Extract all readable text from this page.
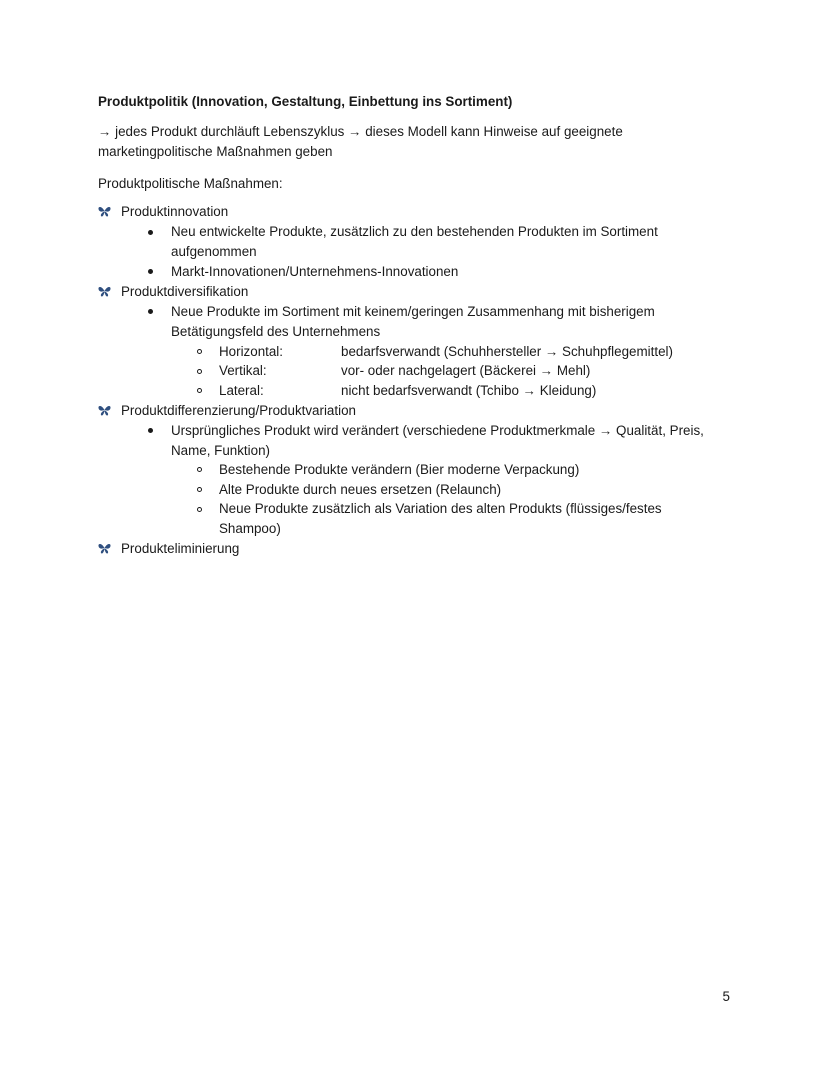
Produktpolitik (Innovation, Gestaltung, Einbettung ins Sortiment)
→ jedes Produkt durchläuft Lebenszyklus → dieses Modell kann Hinweise auf geeignete
marketingpolitische Maßnahmen geben
Produktpolitische Maßnahmen:
Produktinnovation
Neu entwickelte Produkte, zusätzlich zu den bestehenden Produkten im Sortiment
aufgenommen
Markt-Innovationen/Unternehmens-Innovationen
Produktdiversifikation
Neue Produkte im Sortiment mit keinem/geringen Zusammenhang mit bisherigem
Betätigungsfeld des Unternehmens
Horizontal:	bedarfsverwandt (Schuhhersteller → Schuhpflegemittel)
Vertikal:	vor- oder nachgelagert (Bäckerei → Mehl)
Lateral:	nicht bedarfsverwandt (Tchibo → Kleidung)
Produktdifferenzierung/Produktvariation
Ursprüngliches Produkt wird verändert (verschiedene Produktmerkmale → Qualität, Preis,
Name, Funktion)
Bestehende Produkte verändern (Bier moderne Verpackung)
Alte Produkte durch neues ersetzen (Relaunch)
Neue Produkte zusätzlich als Variation des alten Produkts (flüssiges/festes
Shampoo)
Produkteliminierung
5
